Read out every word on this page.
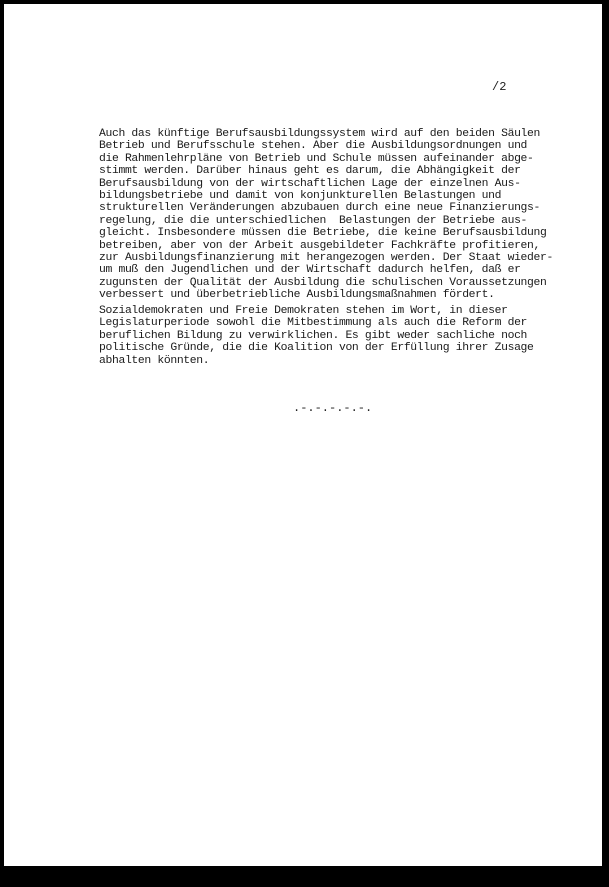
/2
Auch das künftige Berufsausbildungssystem wird auf den beiden Säulen
Betrieb und Berufsschule stehen. Aber die Ausbildungsordnungen und
die Rahmenlehrpläne von Betrieb und Schule müssen aufeinander abge-
stimmt werden. Darüber hinaus geht es darum, die Abhängigkeit der
Berufsausbildung von der wirtschaftlichen Lage der einzelnen Aus-
bildungsbetriebe und damit von konjunkturellen Belastungen und
strukturellen Veränderungen abzubauen durch eine neue Finanzierungs-
regelung, die die unterschiedlichen  Belastungen der Betriebe aus-
gleicht. Insbesondere müssen die Betriebe, die keine Berufsausbildung
betreiben, aber von der Arbeit ausgebildeter Fachkräfte profitieren,
zur Ausbildungsfinanzierung mit herangezogen werden. Der Staat wieder-
um muß den Jugendlichen und der Wirtschaft dadurch helfen, daß er
zugunsten der Qualität der Ausbildung die schulischen Voraussetzungen
verbessert und überbetriebliche Ausbildungsmaßnahmen fördert.
Sozialdemokraten und Freie Demokraten stehen im Wort, in dieser
Legislaturperiode sowohl die Mitbestimmung als auch die Reform der
beruflichen Bildung zu verwirklichen. Es gibt weder sachliche noch
politische Gründe, die die Koalition von der Erfüllung ihrer Zusage
abhalten könnten.
.-.-.-.-.-.
